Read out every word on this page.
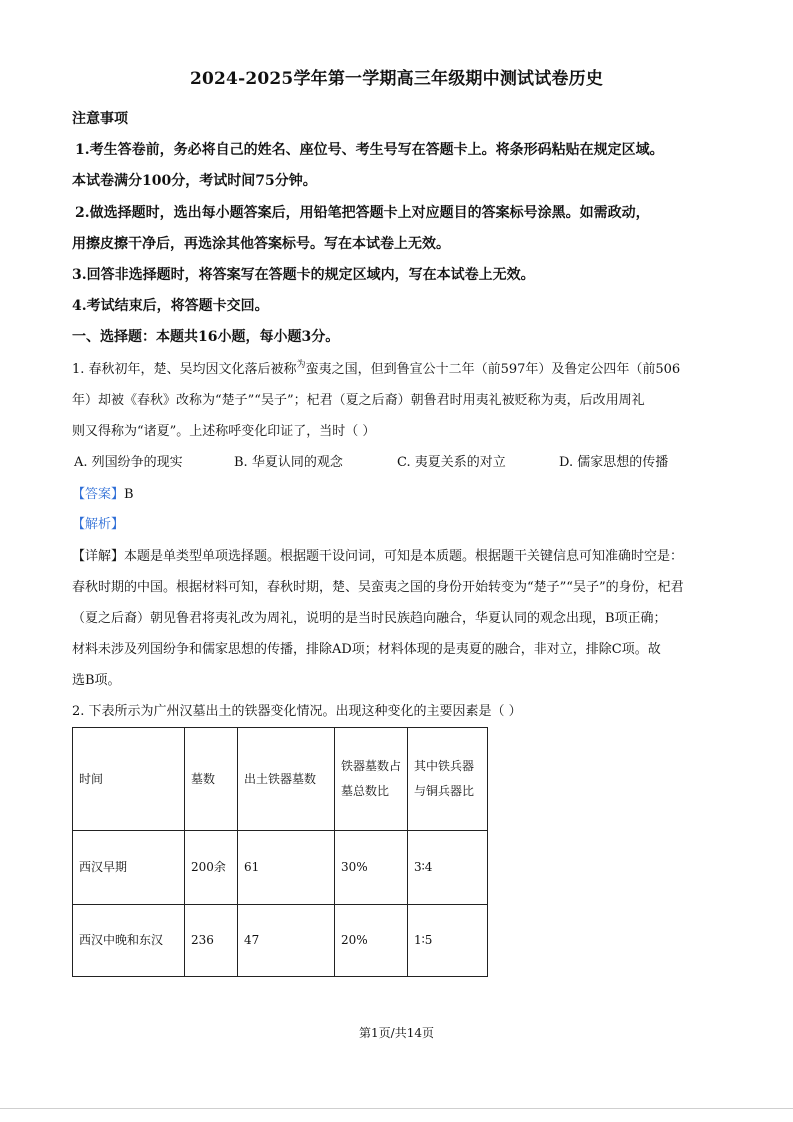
2024-2025学年第一学期高三年级期中测试试卷历史
注意事项
1.考生答卷前，务必将自己的姓名、座位号、考生号写在答题卡上。将条形码粘贴在规定区域。
本试卷满分100分，考试时间75分钟。
2.做选择题时，选出每小题答案后，用铅笔把答题卡上对应题目的答案标号涂黑。如需政动，
用擦皮擦干净后，再选涂其他答案标号。写在本试卷上无效。
3.回答非选择题时，将答案写在答题卡的规定区域内，写在本试卷上无效。
4.考试结束后，将答题卡交回。
一、选择题：本题共16小题，每小题3分。
1. 春秋初年，楚、吴均因文化落后被称$^为$蛮夷之国，但到鲁宣公十二年（前597年）及鲁定公四年（前506
年）却被《春秋》改称为“楚子”“吴子”；杞君（夏之后裔）朝鲁君时用夷礼被贬称为夷，后改用周礼
则又得称为“诸夏”。上述称呼变化印证了，当时（ ）
A. 列国纷争的现实	B. 华夏认同的观念	C. 夷夏关系的对立	D. 儒家思想的传播
【答案】B
【解析】
【详解】本题是单类型单项选择题。根据题干设问词，可知是本质题。根据题干关键信息可知准确时空是：
春秋时期的中国。根据材料可知，春秋时期，楚、吴蛮夷之国的身份开始转变为“楚子”“吴子”的身份，杞君
（夏之后裔）朝见鲁君将夷礼改为周礼，说明的是当时民族趋向融合，华夏认同的观念出现，B项正确；
材料未涉及列国纷争和儒家思想的传播，排除AD项；材料体现的是夷夏的融合，非对立，排除C项。故
选B项。
2. 下表所示为广州汉墓出土的铁器变化情况。出现这种变化的主要因素是（ ）
时间	墓数	出土铁器墓数	铁器墓数占墓总数比	其中铁兵器与铜兵器比
西汉早期	200余	61	30%	3∶4
西汉中晚和东汉	236	47	20%	1∶5
第1页/共14页
